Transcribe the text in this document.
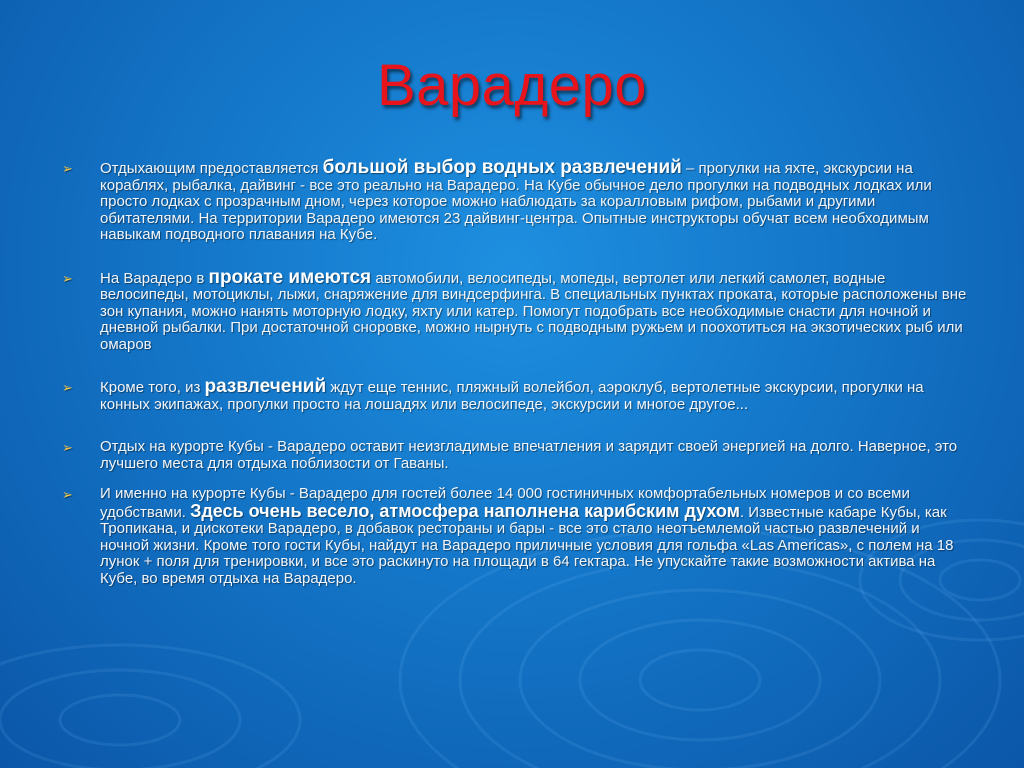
Варадеро
➢ Отдыхающим предоставляется большой выбор водных развлечений – прогулки на яхте, экскурсии на кораблях, рыбалка, дайвинг - все это реально на Варадеро. На Кубе обычное дело прогулки на подводных лодках или просто лодках с прозрачным дном, через которое можно наблюдать за коралловым рифом, рыбами и другими обитателями. На территории Варадеро имеются 23 дайвинг-центра. Опытные инструкторы обучат всем необходимым навыкам подводного плавания на Кубе.
➢ На Варадеро в прокате имеются автомобили, велосипеды, мопеды, вертолет или легкий самолет, водные велосипеды, мотоциклы, лыжи, снаряжение для виндсерфинга. В специальных пунктах проката, которые расположены вне зон купания, можно нанять моторную лодку, яхту или катер. Помогут подобрать все необходимые снасти для ночной и дневной рыбалки. При достаточной сноровке, можно нырнуть с подводным ружьем и поохотиться на экзотических рыб или омаров
➢ Кроме того, из развлечений ждут еще теннис, пляжный волейбол, аэроклуб, вертолетные экскурсии, прогулки на конных экипажах, прогулки просто на лошадях или велосипеде, экскурсии и многое другое...
➢ Отдых на курорте Кубы - Варадеро оставит неизгладимые впечатления и зарядит своей энергией на долго. Наверное, это лучшего места для отдыха поблизости от Гаваны.
➢ И именно на курорте Кубы - Варадеро для гостей более 14 000 гостиничных комфортабельных номеров и со всеми удобствами. Здесь очень весело, атмосфера наполнена карибским духом. Известные кабаре Кубы, как Тропикана, и дискотеки Варадеро, в добавок рестораны и бары - все это стало неотъемлемой частью развлечений и ночной жизни. Кроме того гости Кубы, найдут на Варадеро приличные условия для гольфа «Las Americas», с полем на 18 лунок + поля для тренировки, и все это раскинуто на площади в 64 гектара. Не упускайте такие возможности актива на Кубе, во время отдыха на Варадеро.
